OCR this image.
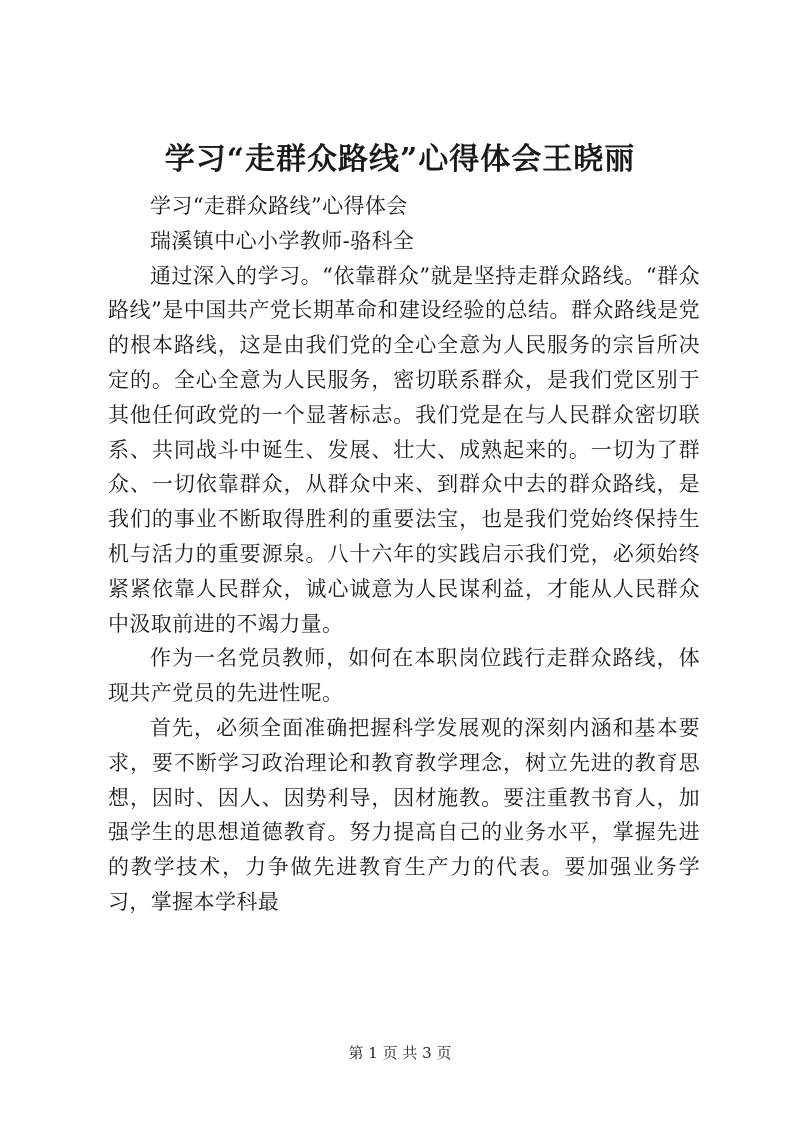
学习“走群众路线”心得体会王晓丽

学习“走群众路线”心得体会

瑞溪镇中心小学教师-骆科全

通过深入的学习。“依靠群众”就是坚持走群众路线。“群众路线”是中国共产党长期革命和建设经验的总结。群众路线是党的根本路线，这是由我们党的全心全意为人民服务的宗旨所决定的。全心全意为人民服务，密切联系群众，是我们党区别于其他任何政党的一个显著标志。我们党是在与人民群众密切联系、共同战斗中诞生、发展、壮大、成熟起来的。一切为了群众、一切依靠群众，从群众中来、到群众中去的群众路线，是我们的事业不断取得胜利的重要法宝，也是我们党始终保持生机与活力的重要源泉。八十六年的实践启示我们党，必须始终紧紧依靠人民群众，诚心诚意为人民谋利益，才能从人民群众中汲取前进的不竭力量。

作为一名党员教师，如何在本职岗位践行走群众路线，体现共产党员的先进性呢。

首先，必须全面准确把握科学发展观的深刻内涵和基本要求，要不断学习政治理论和教育教学理念，树立先进的教育思想，因时、因人、因势利导，因材施教。要注重教书育人，加强学生的思想道德教育。努力提高自己的业务水平，掌握先进的教学技术，力争做先进教育生产力的代表。要加强业务学习，掌握本学科最

第 1 页 共 3 页
